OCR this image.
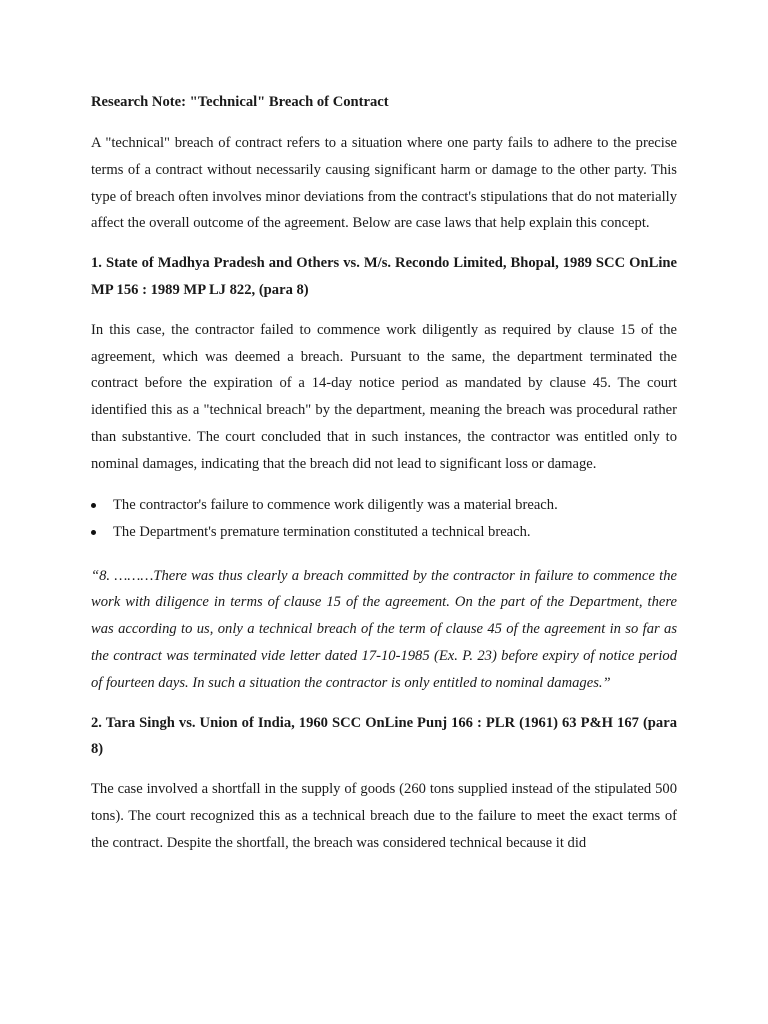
Research Note: "Technical" Breach of Contract

A "technical" breach of contract refers to a situation where one party fails to adhere to the precise terms of a contract without necessarily causing significant harm or damage to the other party. This type of breach often involves minor deviations from the contract's stipulations that do not materially affect the overall outcome of the agreement. Below are case laws that help explain this concept.

1. State of Madhya Pradesh and Others vs. M/s. Recondo Limited, Bhopal, 1989 SCC OnLine MP 156 : 1989 MP LJ 822, (para 8)

In this case, the contractor failed to commence work diligently as required by clause 15 of the agreement, which was deemed a breach. Pursuant to the same, the department terminated the contract before the expiration of a 14-day notice period as mandated by clause 45. The court identified this as a "technical breach" by the department, meaning the breach was procedural rather than substantive. The court concluded that in such instances, the contractor was entitled only to nominal damages, indicating that the breach did not lead to significant loss or damage.

The contractor's failure to commence work diligently was a material breach.
The Department's premature termination constituted a technical breach.

“8. ………There was thus clearly a breach committed by the contractor in failure to commence the work with diligence in terms of clause 15 of the agreement. On the part of the Department, there was according to us, only a technical breach of the term of clause 45 of the agreement in so far as the contract was terminated vide letter dated 17-10-1985 (Ex. P. 23) before expiry of notice period of fourteen days. In such a situation the contractor is only entitled to nominal damages.”

2. Tara Singh vs. Union of India, 1960 SCC OnLine Punj 166 : PLR (1961) 63 P&H 167 (para 8)

The case involved a shortfall in the supply of goods (260 tons supplied instead of the stipulated 500 tons). The court recognized this as a technical breach due to the failure to meet the exact terms of the contract. Despite the shortfall, the breach was considered technical because it did
